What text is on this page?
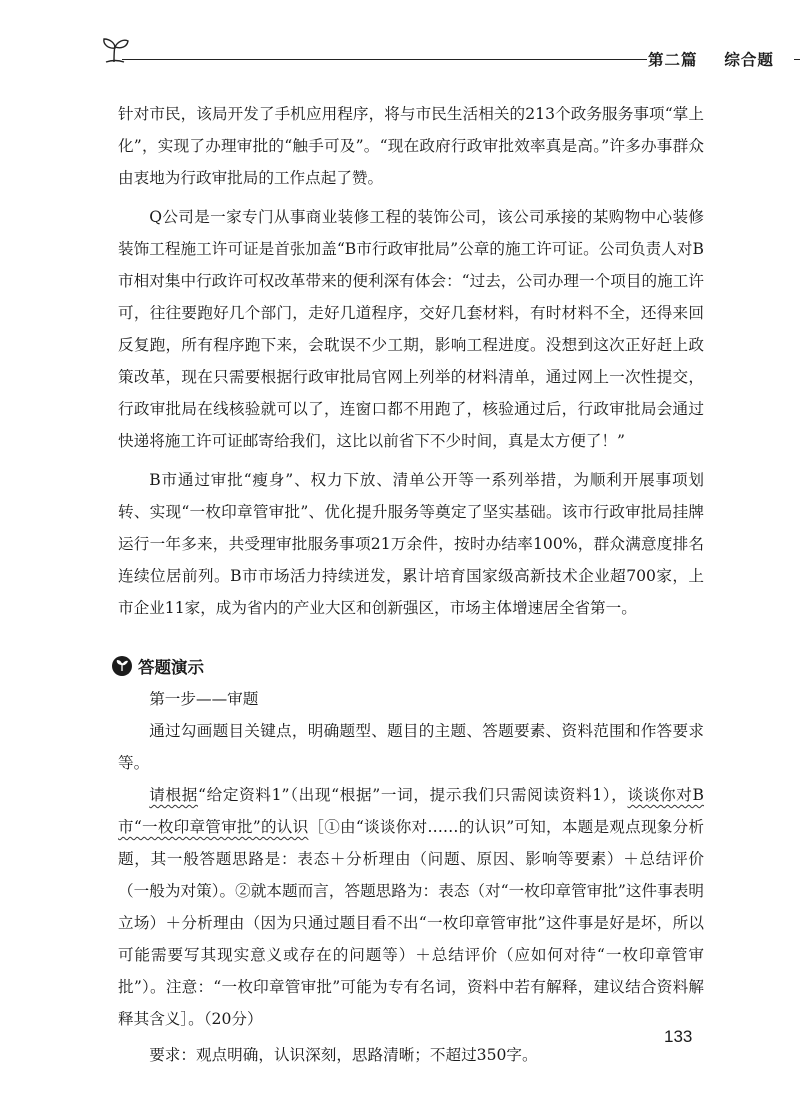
第二篇 综合题

针对市民，该局开发了手机应用程序，将与市民生活相关的213个政务服务事项“掌上化”，实现了办理审批的“触手可及”。“现在政府行政审批效率真是高。”许多办事群众由衷地为行政审批局的工作点起了赞。

Q公司是一家专门从事商业装修工程的装饰公司，该公司承接的某购物中心装修装饰工程施工许可证是首张加盖“B市行政审批局”公章的施工许可证。公司负责人对B市相对集中行政许可权改革带来的便利深有体会：“过去，公司办理一个项目的施工许可，往往要跑好几个部门，走好几道程序，交好几套材料，有时材料不全，还得来回反复跑，所有程序跑下来，会耽误不少工期，影响工程进度。没想到这次正好赶上政策改革，现在只需要根据行政审批局官网上列举的材料清单，通过网上一次性提交，行政审批局在线核验就可以了，连窗口都不用跑了，核验通过后，行政审批局会通过快递将施工许可证邮寄给我们，这比以前省下不少时间，真是太方便了！”

B市通过审批“瘦身”、权力下放、清单公开等一系列举措，为顺利开展事项划转、实现“一枚印章管审批”、优化提升服务等奠定了坚实基础。该市行政审批局挂牌运行一年多来，共受理审批服务事项21万余件，按时办结率100%，群众满意度排名连续位居前列。B市市场活力持续迸发，累计培育国家级高新技术企业超700家，上市企业11家，成为省内的产业大区和创新强区，市场主体增速居全省第一。

答题演示

第一步——审题

通过勾画题目关键点，明确题型、题目的主题、答题要素、资料范围和作答要求等。

请根据“给定资料1”（出现“根据”一词，提示我们只需阅读资料1），谈谈你对B市“一枚印章管审批”的认识［①由“谈谈你对……的认识”可知，本题是观点现象分析题，其一般答题思路是：表态＋分析理由（问题、原因、影响等要素）＋总结评价（一般为对策）。②就本题而言，答题思路为：表态（对“一枚印章管审批”这件事表明立场）＋分析理由（因为只通过题目看不出“一枚印章管审批”这件事是好是坏，所以可能需要写其现实意义或存在的问题等）＋总结评价（应如何对待“一枚印章管审批”）。注意：“一枚印章管审批”可能为专有名词，资料中若有解释，建议结合资料解释其含义］。（20分）

要求：观点明确，认识深刻，思路清晰；不超过350字。

133
